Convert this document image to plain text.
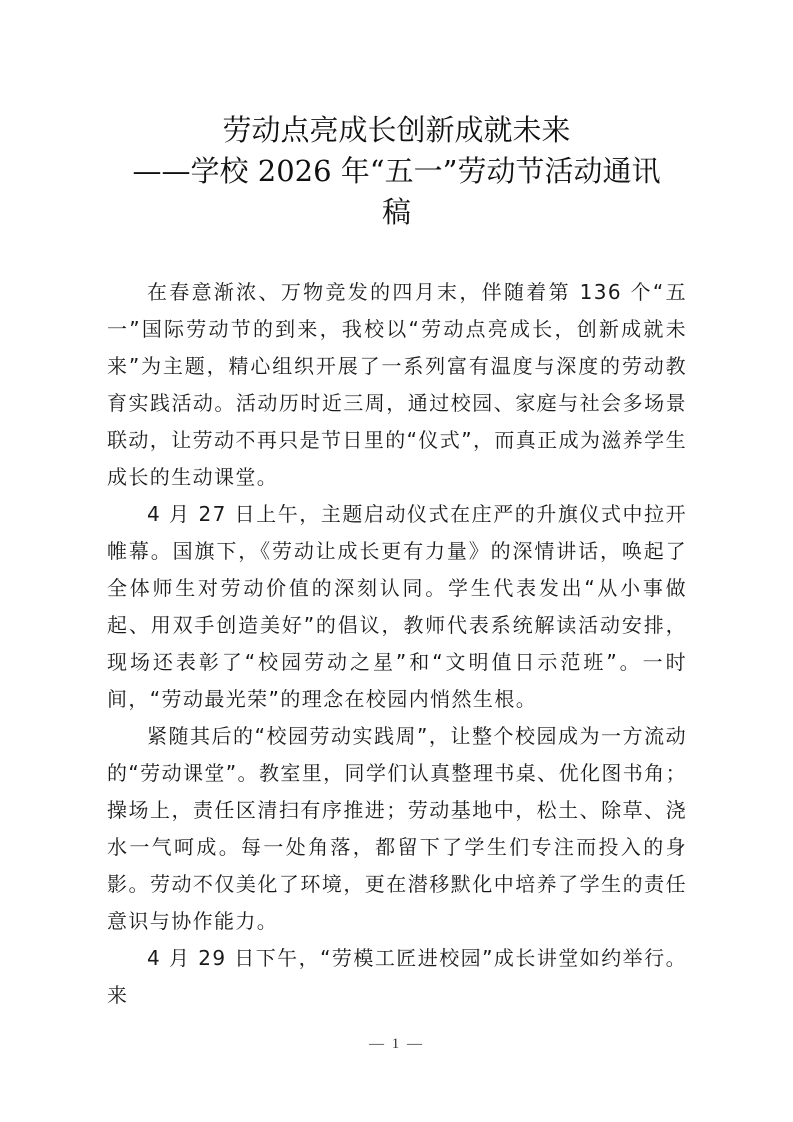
劳动点亮成长创新成就未来
——学校 2026 年“五一”劳动节活动通讯
稿

在春意渐浓、万物竞发的四月末，伴随着第 136 个“五一”国际劳动节的到来，我校以“劳动点亮成长，创新成就未来”为主题，精心组织开展了一系列富有温度与深度的劳动教育实践活动。活动历时近三周，通过校园、家庭与社会多场景联动，让劳动不再只是节日里的“仪式”，而真正成为滋养学生成长的生动课堂。

4 月 27 日上午，主题启动仪式在庄严的升旗仪式中拉开帷幕。国旗下，《劳动让成长更有力量》的深情讲话，唤起了全体师生对劳动价值的深刻认同。学生代表发出“从小事做起、用双手创造美好”的倡议，教师代表系统解读活动安排，现场还表彰了“校园劳动之星”和“文明值日示范班”。一时间，“劳动最光荣”的理念在校园内悄然生根。

紧随其后的“校园劳动实践周”，让整个校园成为一方流动的“劳动课堂”。教室里，同学们认真整理书桌、优化图书角；操场上，责任区清扫有序推进；劳动基地中，松土、除草、浇水一气呵成。每一处角落，都留下了学生们专注而投入的身影。劳动不仅美化了环境，更在潜移默化中培养了学生的责任意识与协作能力。

4 月 29 日下午，“劳模工匠进校园”成长讲堂如约举行。来

— 1 —
